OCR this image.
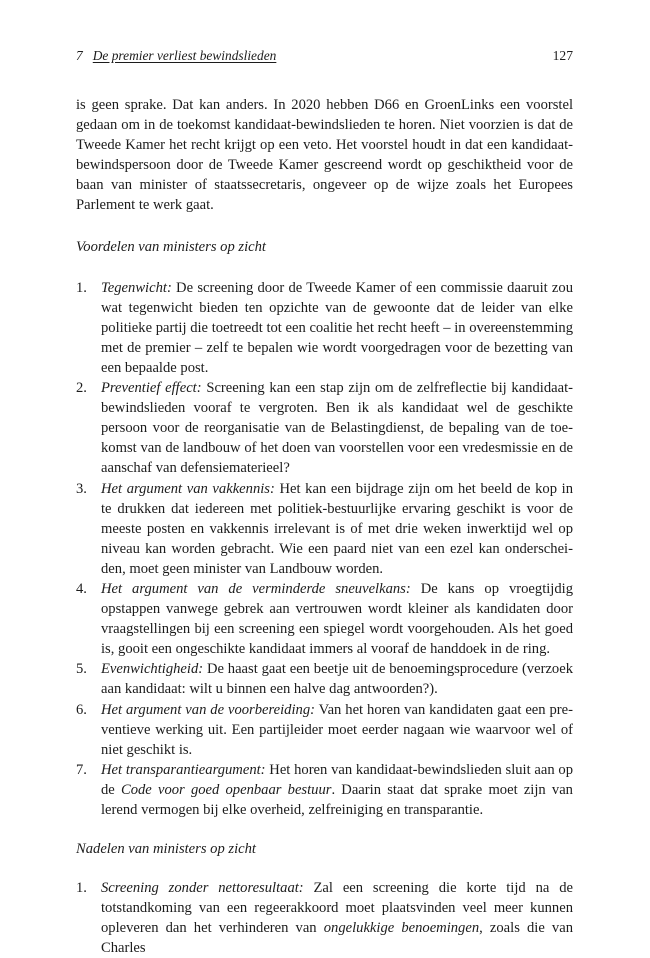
7 De premier verliest bewindslieden	127

is geen sprake. Dat kan anders. In 2020 hebben D66 en GroenLinks een voorstel gedaan om in de toekomst kandidaat-bewindslieden te horen. Niet voorzien is dat de Tweede Kamer het recht krijgt op een veto. Het voorstel houdt in dat een kandidaat-bewindspersoon door de Tweede Kamer gescreend wordt op geschiktheid voor de baan van minister of staatssecretaris, ongeveer op de wijze zoals het Europees Parlement te werk gaat.

Voordelen van ministers op zicht

1. Tegenwicht: De screening door de Tweede Kamer of een commissie daaruit zou wat tegenwicht bieden ten opzichte van de gewoonte dat de leider van elke politieke partij die toetreedt tot een coalitie het recht heeft – in overeenstemming met de premier – zelf te bepalen wie wordt voorgedragen voor de bezetting van een bepaalde post.
2. Preventief effect: Screening kan een stap zijn om de zelfreflectie bij kandidaat-bewindslieden vooraf te vergroten. Ben ik als kandidaat wel de geschikte persoon voor de reorganisatie van de Belastingdienst, de bepaling van de toekomst van de landbouw of het doen van voorstellen voor een vredesmissie en de aanschaf van defensiematerieel?
3. Het argument van vakkennis: Het kan een bijdrage zijn om het beeld de kop in te drukken dat iedereen met politiek-bestuurlijke ervaring geschikt is voor de meeste posten en vakkennis irrelevant is of met drie weken inwerktijd wel op niveau kan worden gebracht. Wie een paard niet van een ezel kan onderscheiden, moet geen minister van Landbouw worden.
4. Het argument van de verminderde sneuvelkans: De kans op vroegtijdig opstappen vanwege gebrek aan vertrouwen wordt kleiner als kandidaten door vraagstellingen bij een screening een spiegel wordt voorgehouden. Als het goed is, gooit een ongeschikte kandidaat immers al vooraf de handdoek in de ring.
5. Evenwichtigheid: De haast gaat een beetje uit de benoemingsprocedure (verzoek aan kandidaat: wilt u binnen een halve dag antwoorden?).
6. Het argument van de voorbereiding: Van het horen van kandidaten gaat een preventieve werking uit. Een partijleider moet eerder nagaan wie waarvoor wel of niet geschikt is.
7. Het transparantieargument: Het horen van kandidaat-bewindslieden sluit aan op de Code voor goed openbaar bestuur. Daarin staat dat sprake moet zijn van lerend vermogen bij elke overheid, zelfreiniging en transparantie.

Nadelen van ministers op zicht

1. Screening zonder nettoresultaat: Zal een screening die korte tijd na de totstandkoming van een regeerakkoord moet plaatsvinden veel meer kunnen opleveren dan het verhinderen van ongelukkige benoemingen, zoals die van Charles
